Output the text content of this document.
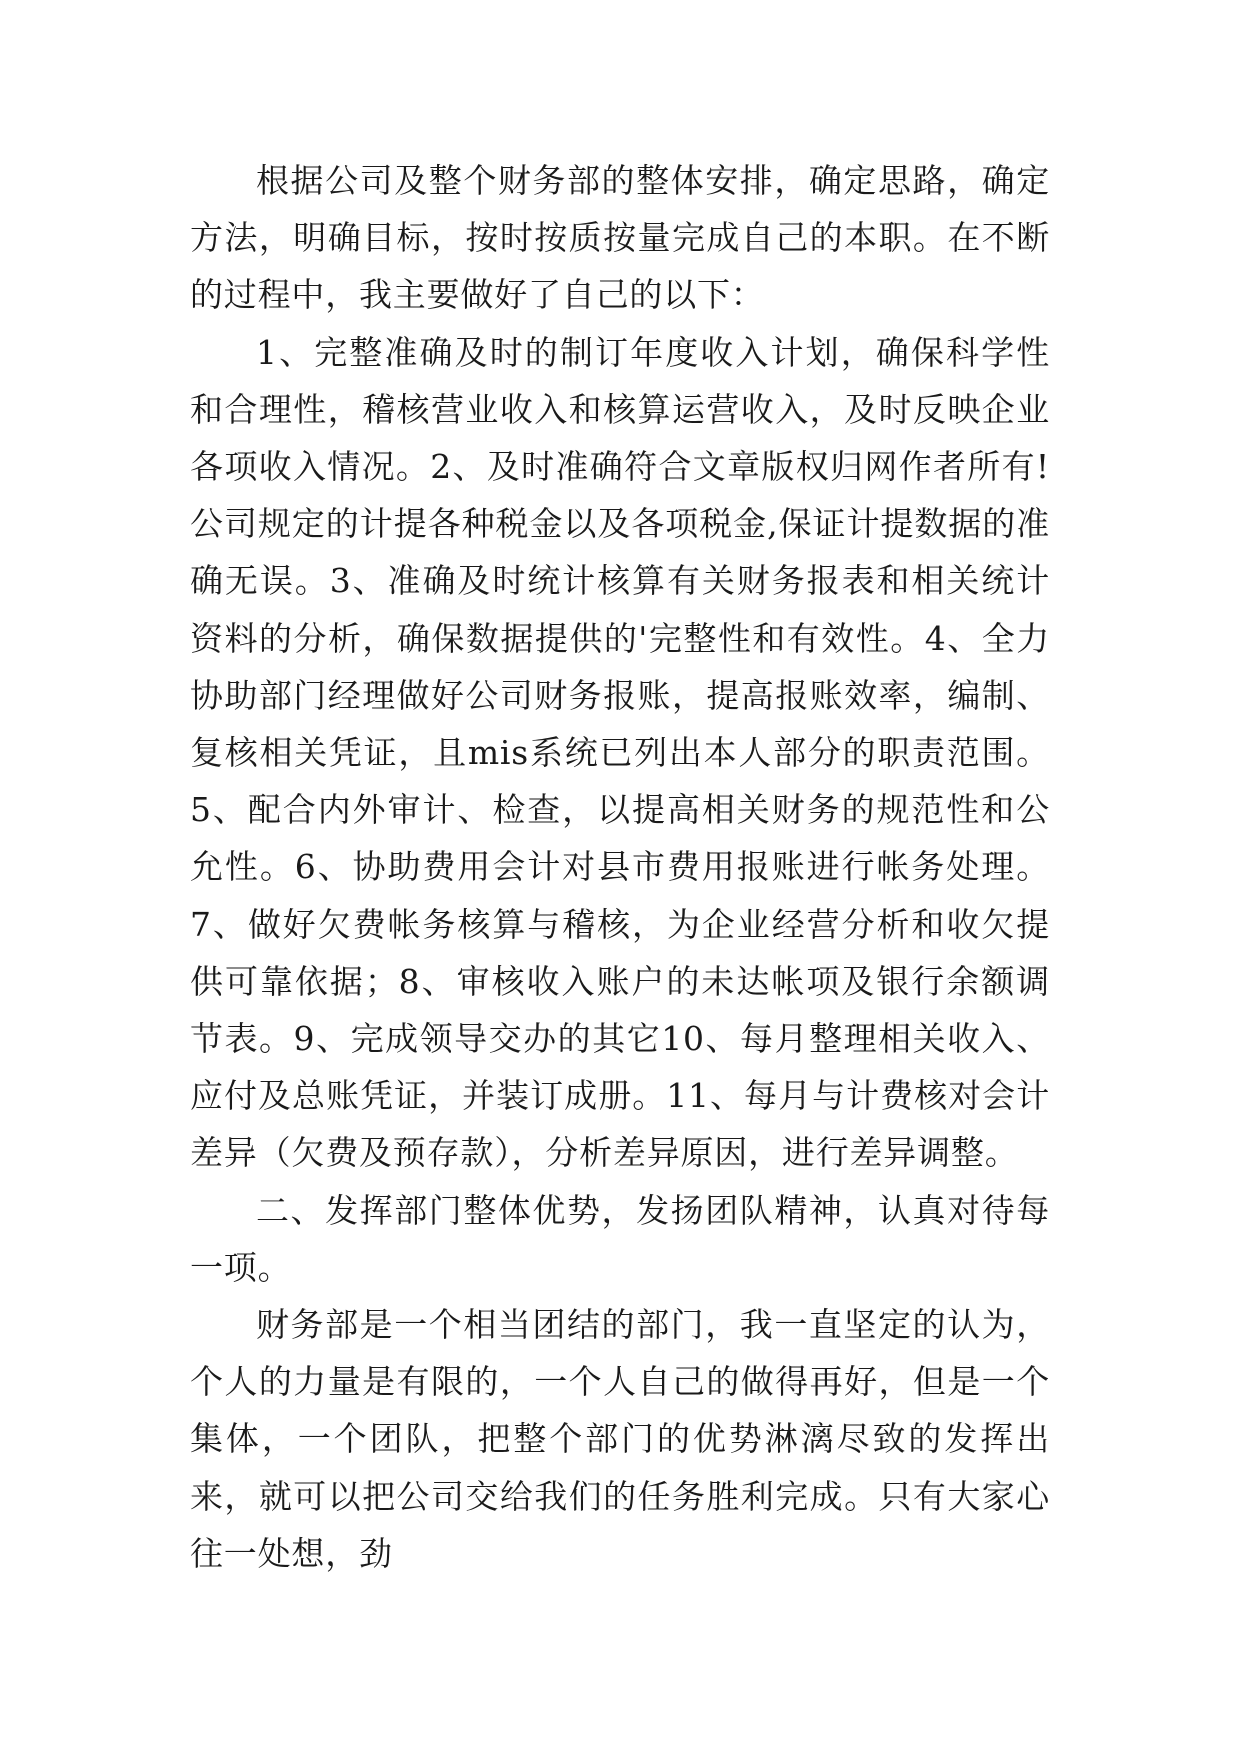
根据公司及整个财务部的整体安排，确定思路，确定方法，明确目标，按时按质按量完成自己的本职。在不断的过程中，我主要做好了自己的以下：

1、完整准确及时的制订年度收入计划，确保科学性和合理性，稽核营业收入和核算运营收入，及时反映企业各项收入情况。2、及时准确符合文章版权归网作者所有!公司规定的计提各种税金以及各项税金,保证计提数据的准确无误。3、准确及时统计核算有关财务报表和相关统计资料的分析，确保数据提供的'完整性和有效性。4、全力协助部门经理做好公司财务报账，提高报账效率，编制、复核相关凭证，且mis系统已列出本人部分的职责范围。5、配合内外审计、检查，以提高相关财务的规范性和公允性。6、协助费用会计对县市费用报账进行帐务处理。7、做好欠费帐务核算与稽核，为企业经营分析和收欠提供可靠依据；8、审核收入账户的未达帐项及银行余额调节表。9、完成领导交办的其它10、每月整理相关收入、应付及总账凭证，并装订成册。11、每月与计费核对会计差异（欠费及预存款），分析差异原因，进行差异调整。

二、发挥部门整体优势，发扬团队精神，认真对待每一项。

财务部是一个相当团结的部门，我一直坚定的认为，个人的力量是有限的，一个人自己的做得再好，但是一个集体，一个团队，把整个部门的优势淋漓尽致的发挥出来，就可以把公司交给我们的任务胜利完成。只有大家心往一处想，劲
